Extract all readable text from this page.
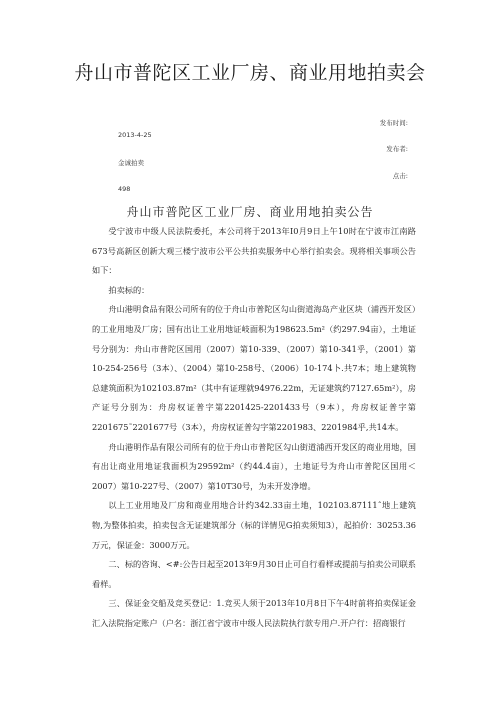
舟山市普陀区工业厂房、商业用地拍卖会
发布时间:
2013-4-25
发布者:
金诚拍卖
点击:
498
舟山市普陀区工业厂房、商业用地拍卖公告

受宁波市中级人民法院委托，本公司将于2013年I0月9日上午10时在宁波市江南路673号高新区创新大观三楼宁波市公平公共拍卖服务中心举行拍卖会。现将相关事项公告如下：

拍卖标的：

舟山港明食品有限公司所有的位于舟山市普陀区勾山街道海岛产业区块（浦西开发区）的工业用地及厂房；国有出让工业用地证岐面积为198623.5m²（约297.94亩），土地证号分别为：舟山市普陀区国用（2007）第10-339、（2007）第10-341乎，（2001）第10-254-256号（3本）、（2004）第10-258号、（2006）10-174卜.共7本；地上建筑物总建筑面积为102103.87m²（其中有证理就94976.22m，无证建筑约7127.65m²），房产证号分别为：舟房权证普字第2201425-2201433号（9本），舟房权证普字第2201675˜2201677号（3本），舟房权证普勾字第2201983、2201984乎,共14本。

舟山港明作品有限公司所有的位于舟山市普陀区勾山街道浦西开发区的商业用地，国有出让商业用地证我面枳为29592m²（约44.4亩），土地证号为舟山市普陀区国用＜2007）第10-227号、（2007）第10T30号，为未开发净增。

以上工业用地及厂房和商业用地合计约342.33亩土地，102103.87111ˆ地上建筑物,为整体拍卖，拍卖包含无证建筑部分（标的详情见G拍卖须知3），起拍价：30253.36万元，保证金：3000万元。

二、标的咨询、<#:公告日起至2013年9月30日止可自行看样或提前与拍卖公司联系看样。

三、保证金交船及竞买登记：1.竞买人须于2013年10月8日下午4时前将拍卖保证金汇入法院指定账户（户名：浙江省宁波市中级人民法院执行款专用户.开户行：招商银行
